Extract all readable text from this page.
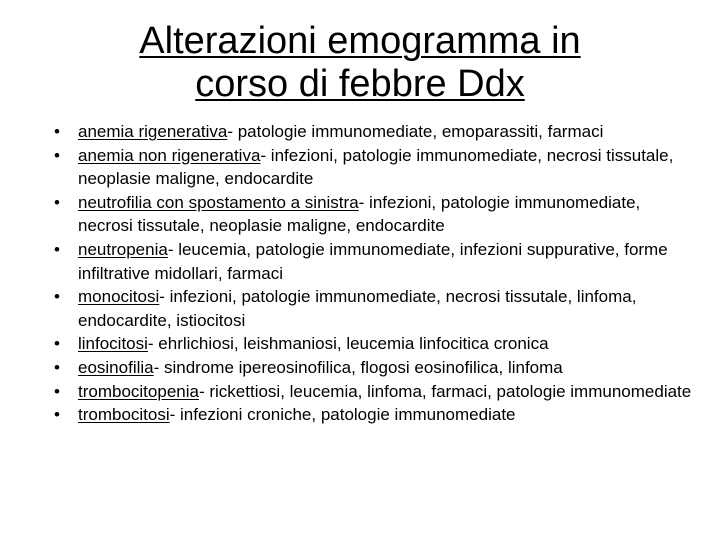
Alterazioni emogramma in
corso di febbre Ddx
•	anemia rigenerativa- patologie immunomediate, emoparassiti, farmaci
•	anemia non rigenerativa- infezioni, patologie immunomediate, necrosi tissutale, neoplasie maligne, endocardite
•	neutrofilia con spostamento a sinistra- infezioni, patologie immunomediate, necrosi tissutale, neoplasie maligne, endocardite
•	neutropenia- leucemia, patologie immunomediate, infezioni suppurative, forme infiltrative midollari, farmaci
•	monocitosi- infezioni, patologie immunomediate, necrosi tissutale, linfoma, endocardite, istiocitosi
•	linfocitosi- ehrlichiosi, leishmaniosi, leucemia linfocitica cronica
•	eosinofilia- sindrome ipereosinofilica, flogosi eosinofilica, linfoma
•	trombocitopenia- rickettiosi, leucemia, linfoma, farmaci, patologie immunomediate
•	trombocitosi- infezioni croniche, patologie immunomediate
